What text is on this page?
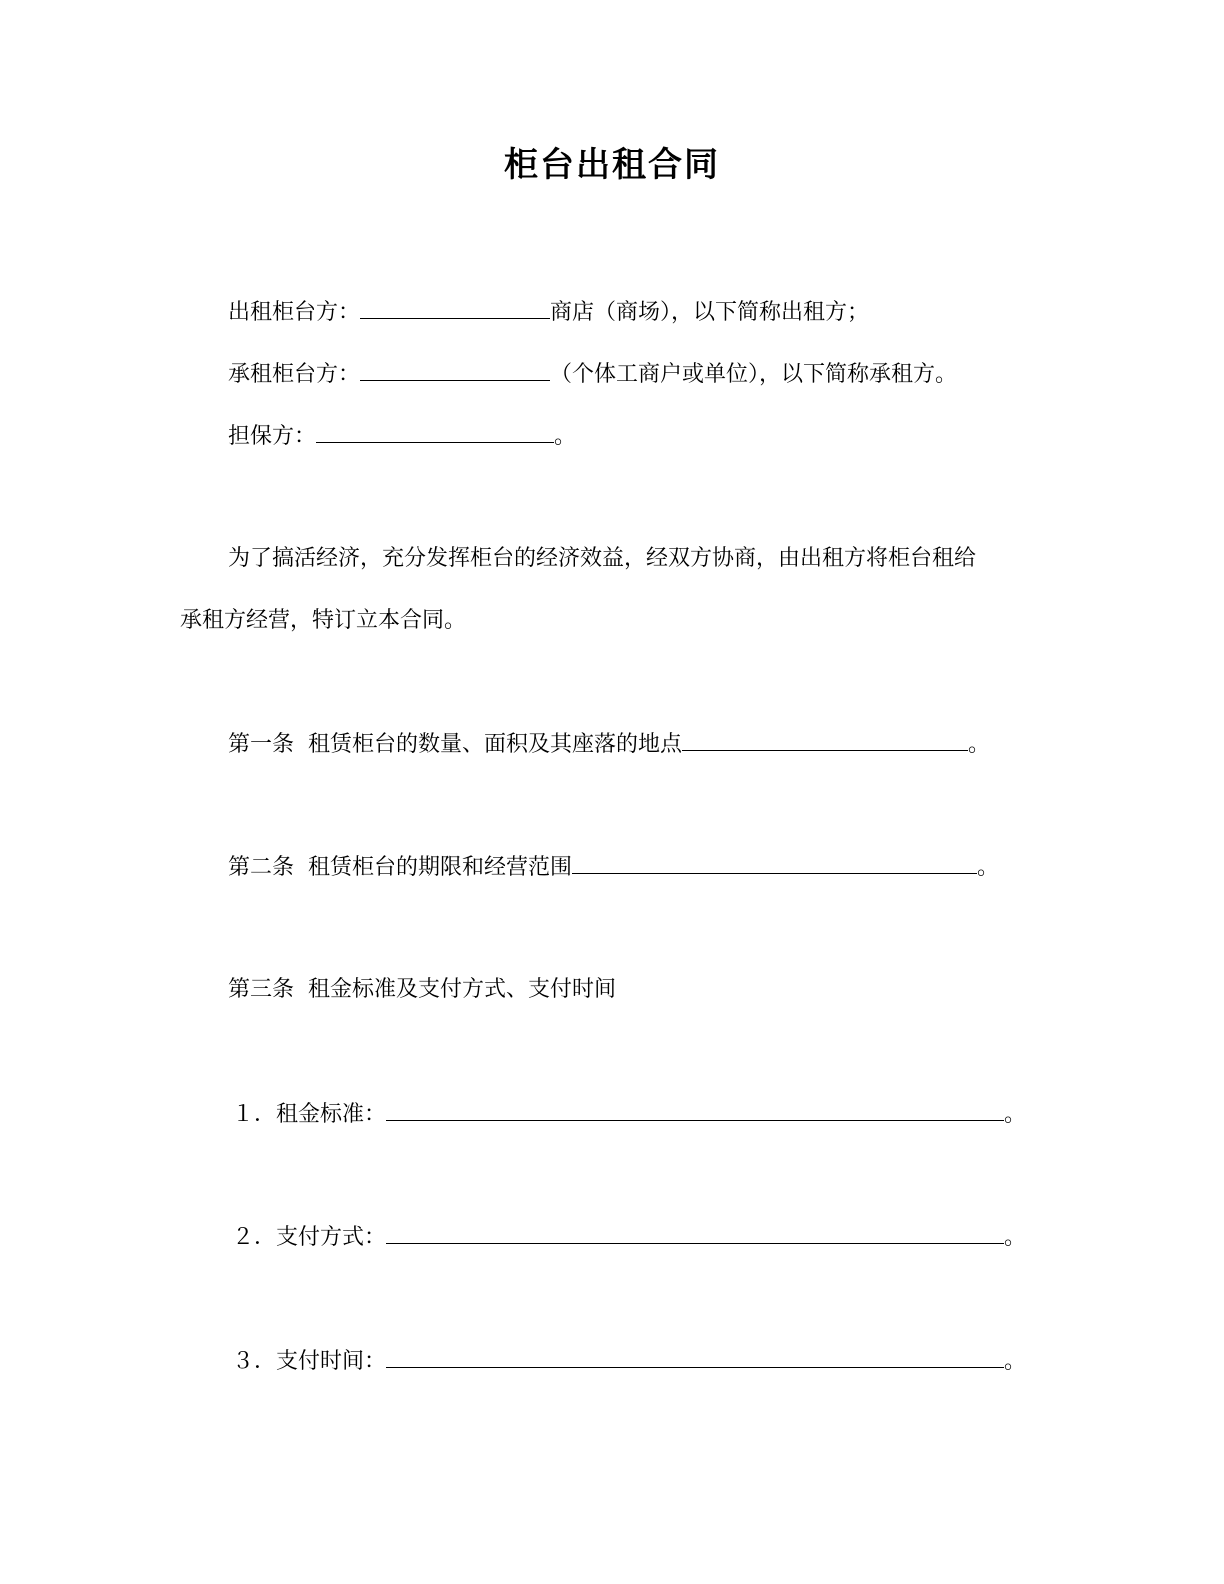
柜台出租合同
出租柜台方：	商店（商场），以下简称出租方；
承租柜台方：	（个体工商户或单位），以下简称承租方。
担保方：	。
为了搞活经济，充分发挥柜台的经济效益，经双方协商，由出租方将柜台租给
承租方经营，特订立本合同。
第一条 租赁柜台的数量、面积及其座落的地点	。
第二条 租赁柜台的期限和经营范围	。
第三条 租金标准及支付方式、支付时间
１．租金标准：	。
２．支付方式：	。
３．支付时间：	。
